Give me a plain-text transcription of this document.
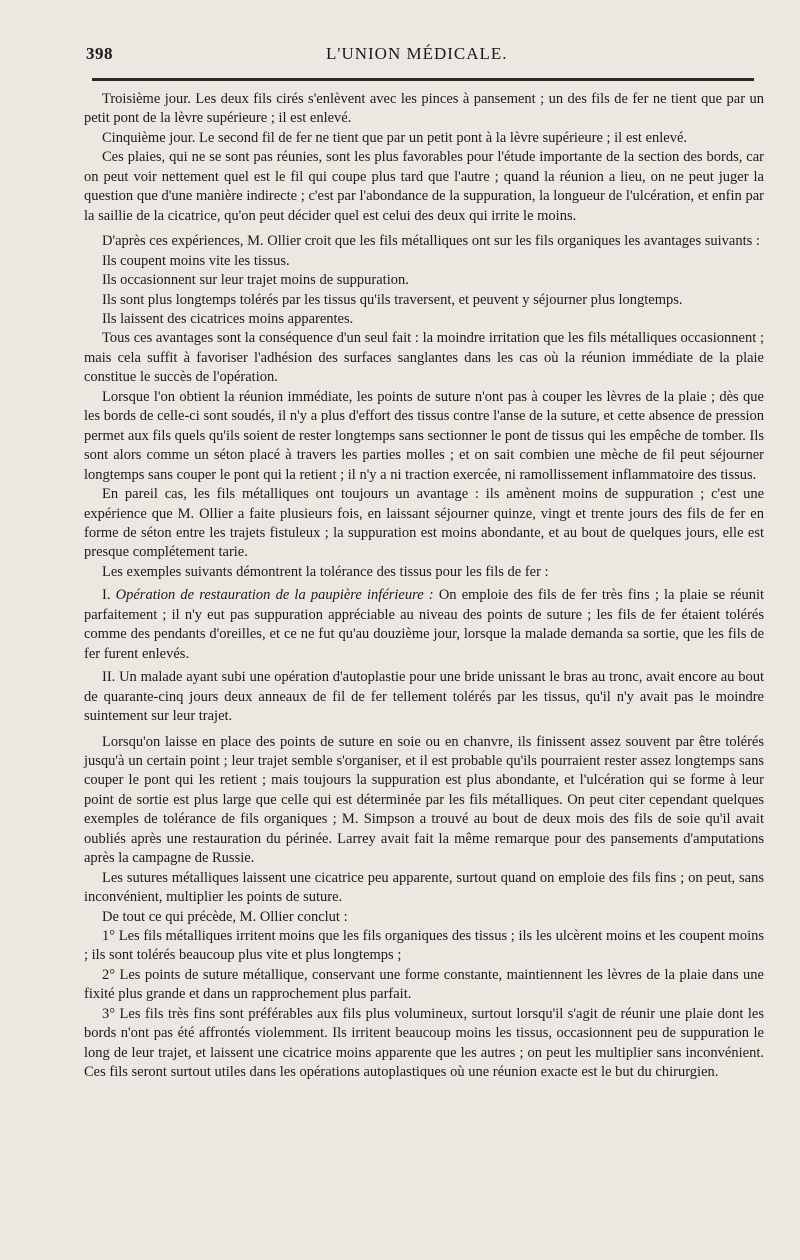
398	L'UNION MÉDICALE.

Troisième jour. Les deux fils cirés s'enlèvent avec les pinces à pansement ; un des fils de fer ne tient que par un petit pont de la lèvre supérieure ; il est enlevé.

Cinquième jour. Le second fil de fer ne tient que par un petit pont à la lèvre supérieure ; il est enlevé.

Ces plaies, qui ne se sont pas réunies, sont les plus favorables pour l'étude importante de la section des bords, car on peut voir nettement quel est le fil qui coupe plus tard que l'autre ; quand la réunion a lieu, on ne peut juger la question que d'une manière indirecte ; c'est par l'abondance de la suppuration, la longueur de l'ulcération, et enfin par la saillie de la cicatrice, qu'on peut décider quel est celui des deux qui irrite le moins.

D'après ces expériences, M. Ollier croit que les fils métalliques ont sur les fils organiques les avantages suivants :

Ils coupent moins vite les tissus.

Ils occasionnent sur leur trajet moins de suppuration.

Ils sont plus longtemps tolérés par les tissus qu'ils traversent, et peuvent y séjourner plus longtemps.

Ils laissent des cicatrices moins apparentes.

Tous ces avantages sont la conséquence d'un seul fait : la moindre irritation que les fils métalliques occasionnent ; mais cela suffit à favoriser l'adhésion des surfaces sanglantes dans les cas où la réunion immédiate de la plaie constitue le succès de l'opération.

Lorsque l'on obtient la réunion immédiate, les points de suture n'ont pas à couper les lèvres de la plaie ; dès que les bords de celle-ci sont soudés, il n'y a plus d'effort des tissus contre l'anse de la suture, et cette absence de pression permet aux fils quels qu'ils soient de rester longtemps sans sectionner le pont de tissus qui les empêche de tomber. Ils sont alors comme un séton placé à travers les parties molles ; et on sait combien une mèche de fil peut séjourner longtemps sans couper le pont qui la retient ; il n'y a ni traction exercée, ni ramollissement inflammatoire des tissus.

En pareil cas, les fils métalliques ont toujours un avantage : ils amènent moins de suppuration ; c'est une expérience que M. Ollier a faite plusieurs fois, en laissant séjourner quinze, vingt et trente jours des fils de fer en forme de séton entre les trajets fistuleux ; la suppuration est moins abondante, et au bout de quelques jours, elle est presque complétement tarie.

Les exemples suivants démontrent la tolérance des tissus pour les fils de fer :

I. Opération de restauration de la paupière inférieure : On emploie des fils de fer très fins ; la plaie se réunit parfaitement ; il n'y eut pas suppuration appréciable au niveau des points de suture ; les fils de fer étaient tolérés comme des pendants d'oreilles, et ce ne fut qu'au douzième jour, lorsque la malade demanda sa sortie, que les fils de fer furent enlevés.

II. Un malade ayant subi une opération d'autoplastie pour une bride unissant le bras au tronc, avait encore au bout de quarante-cinq jours deux anneaux de fil de fer tellement tolérés par les tissus, qu'il n'y avait pas le moindre suintement sur leur trajet.

Lorsqu'on laisse en place des points de suture en soie ou en chanvre, ils finissent assez souvent par être tolérés jusqu'à un certain point ; leur trajet semble s'organiser, et il est probable qu'ils pourraient rester assez longtemps sans couper le pont qui les retient ; mais toujours la suppuration est plus abondante, et l'ulcération qui se forme à leur point de sortie est plus large que celle qui est déterminée par les fils métalliques. On peut citer cependant quelques exemples de tolérance de fils organiques ; M. Simpson a trouvé au bout de deux mois des fils de soie qu'il avait oubliés après une restauration du périnée. Larrey avait fait la même remarque pour des pansements d'amputations après la campagne de Russie.

Les sutures métalliques laissent une cicatrice peu apparente, surtout quand on emploie des fils fins ; on peut, sans inconvénient, multiplier les points de suture.

De tout ce qui précède, M. Ollier conclut :

1° Les fils métalliques irritent moins que les fils organiques des tissus ; ils les ulcèrent moins et les coupent moins ; ils sont tolérés beaucoup plus vite et plus longtemps ;

2° Les points de suture métallique, conservant une forme constante, maintiennent les lèvres de la plaie dans une fixité plus grande et dans un rapprochement plus parfait.

3° Les fils très fins sont préférables aux fils plus volumineux, surtout lorsqu'il s'agit de réunir une plaie dont les bords n'ont pas été affrontés violemment. Ils irritent beaucoup moins les tissus, occasionnent peu de suppuration le long de leur trajet, et laissent une cicatrice moins apparente que les autres ; on peut les multiplier sans inconvénient. Ces fils seront surtout utiles dans les opérations autoplastiques où une réunion exacte est le but du chirurgien.
